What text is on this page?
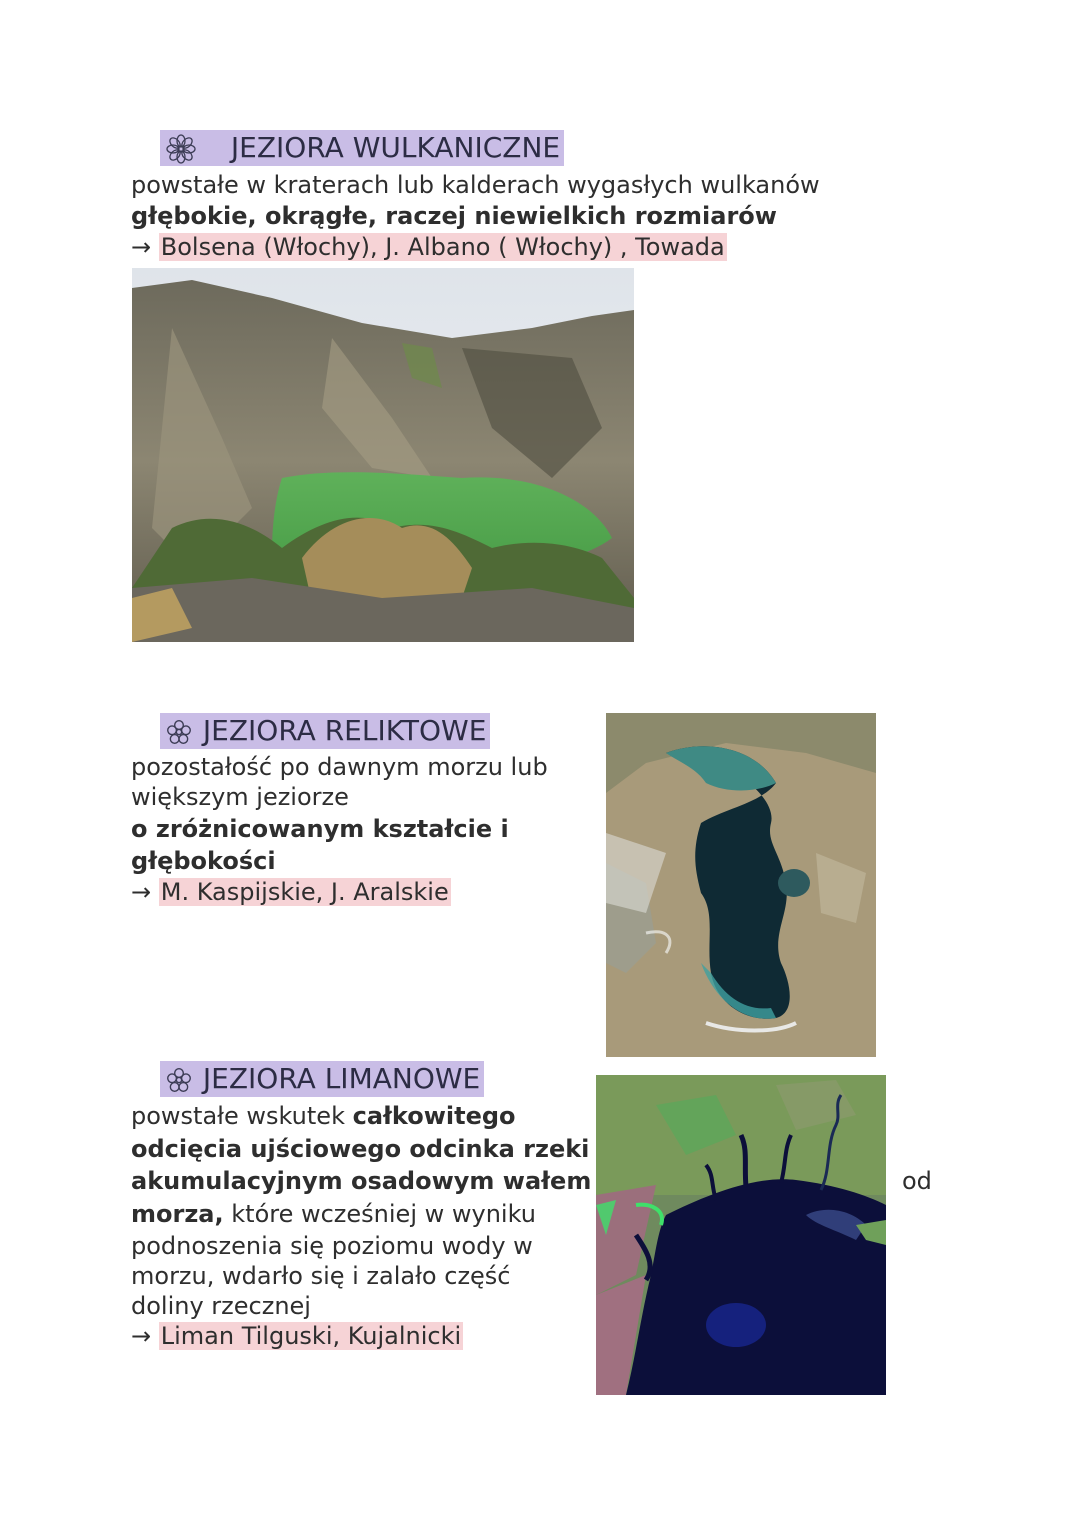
JEZIORA WULKANICZNE
powstałe w kraterach lub kalderach wygasłych wulkanów
głębokie, okrągłe, raczej niewielkich rozmiarów
→ Bolsena (Włochy), J. Albano ( Włochy) , Towada
JEZIORA RELIKTOWE
pozostałość po dawnym morzu lub
większym jeziorze
o zróżnicowanym kształcie i
głębokości
→ M. Kaspijskie, J. Aralskie
JEZIORA LIMANOWE
powstałe wskutek całkowitego
odcięcia ujściowego odcinka rzeki
akumulacyjnym osadowym wałem	od
morza, które wcześniej w wyniku
podnoszenia się poziomu wody w
morzu, wdarło się i zalało część
doliny rzecznej
→ Liman Tilguski, Kujalnicki
